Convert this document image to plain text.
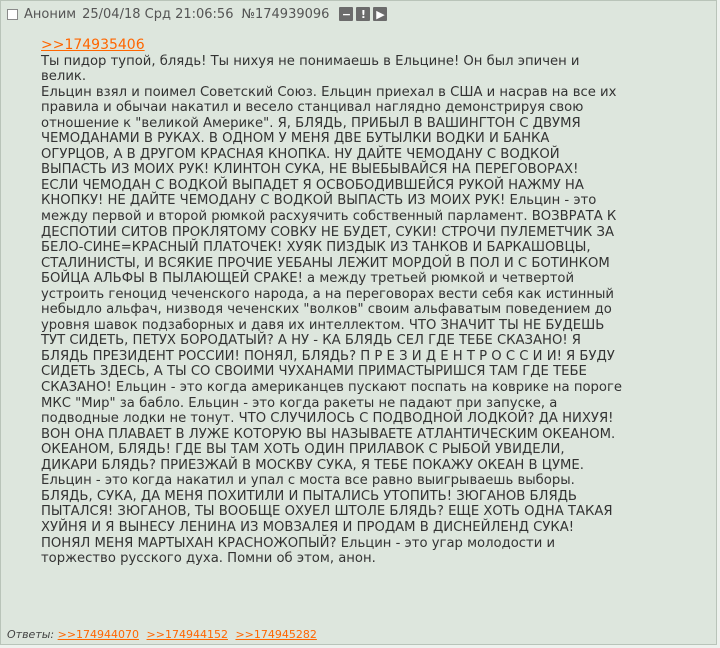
Аноним 25/04/18 Срд 21:06:56 №174939096 − ! ▶
>>174935406
Ты пидор тупой, блядь! Ты нихуя не понимаешь в Ельцине! Он был эпичен и
велик.
Ельцин взял и поимел Советский Союз. Ельцин приехал в США и насрав на все их
правила и обычаи накатил и весело станцивал наглядно демонстрируя свою
отношение к "великой Америке". Я, БЛЯДЬ, ПРИБЫЛ В ВАШИНГТОН С ДВУМЯ
ЧЕМОДАНАМИ В РУКАХ. В ОДНОМ У МЕНЯ ДВЕ БУТЫЛКИ ВОДКИ И БАНКА
ОГУРЦОВ, А В ДРУГОМ КРАСНАЯ КНОПКА. НУ ДАЙТЕ ЧЕМОДАНУ С ВОДКОЙ
ВЫПАСТЬ ИЗ МОИХ РУК! КЛИНТОН СУКА, НЕ ВЫЕБЫВАЙСЯ НА ПЕРЕГОВОРАХ!
ЕСЛИ ЧЕМОДАН С ВОДКОЙ ВЫПАДЕТ Я ОСВОБОДИВШЕЙСЯ РУКОЙ НАЖМУ НА
КНОПКУ! НЕ ДАЙТЕ ЧЕМОДАНУ С ВОДКОЙ ВЫПАСТЬ ИЗ МОИХ РУК! Ельцин - это
между первой и второй рюмкой расхуячить собственный парламент. ВОЗВРАТА К
ДЕСПОТИИ СИТОВ ПРОКЛЯТОМУ СОВКУ НЕ БУДЕТ, СУКИ! СТРОЧИ ПУЛЕМЕТЧИК ЗА
БЕЛО-СИНЕ=КРАСНЫЙ ПЛАТОЧЕК! ХУЯК ПИЗДЫК ИЗ ТАНКОВ И БАРКАШОВЦЫ,
СТАЛИНИСТЫ, И ВСЯКИЕ ПРОЧИЕ УЕБАНЫ ЛЕЖИТ МОРДОЙ В ПОЛ И С БОТИНКОМ
БОЙЦА АЛЬФЫ В ПЫЛАЮЩЕЙ СРАКЕ! а между третьей рюмкой и четвертой
устроить геноцид чеченского народа, а на переговорах вести себя как истинный
небыдло альфач, низводя чеченских "волков" своим альфаватым поведением до
уровня шавок подзаборных и давя их интеллектом. ЧТО ЗНАЧИТ ТЫ НЕ БУДЕШЬ
ТУТ СИДЕТЬ, ПЕТУХ БОРОДАТЫЙ? А НУ - КА БЛЯДЬ СЕЛ ГДЕ ТЕБЕ СКАЗАНО! Я
БЛЯДЬ ПРЕЗИДЕНТ РОССИИ! ПОНЯЛ, БЛЯДЬ? П Р Е З И Д Е Н Т Р О С С И И! Я БУДУ
СИДЕТЬ ЗДЕСЬ, А ТЫ СО СВОИМИ ЧУХАНАМИ ПРИМАСТЫРИШСЯ ТАМ ГДЕ ТЕБЕ
СКАЗАНО! Ельцин - это когда американцев пускают поспать на коврике на пороге
МКС "Мир" за бабло. Ельцин - это когда ракеты не падают при запуске, а
подводные лодки не тонут. ЧТО СЛУЧИЛОСЬ С ПОДВОДНОЙ ЛОДКОЙ? ДА НИХУЯ!
ВОН ОНА ПЛАВАЕТ В ЛУЖЕ КОТОРУЮ ВЫ НАЗЫВАЕТЕ АТЛАНТИЧЕСКИМ ОКЕАНОМ.
ОКЕАНОМ, БЛЯДЬ! ГДЕ ВЫ ТАМ ХОТЬ ОДИН ПРИЛАВОК С РЫБОЙ УВИДЕЛИ,
ДИКАРИ БЛЯДЬ? ПРИЕЗЖАЙ В МОСКВУ СУКА, Я ТЕБЕ ПОКАЖУ ОКЕАН В ЦУМЕ.
Ельцин - это когда накатил и упал с моста все равно выигрываешь выборы.
БЛЯДЬ, СУКА, ДА МЕНЯ ПОХИТИЛИ И ПЫТАЛИСЬ УТОПИТЬ! ЗЮГАНОВ БЛЯДЬ
ПЫТАЛСЯ! ЗЮГАНОВ, ТЫ ВООБЩЕ ОХУЕЛ ШТОЛЕ БЛЯДЬ? ЕЩЕ ХОТЬ ОДНА ТАКАЯ
ХУЙНЯ И Я ВЫНЕСУ ЛЕНИНА ИЗ МОВЗАЛЕЯ И ПРОДАМ В ДИСНЕЙЛЕНД СУКА!
ПОНЯЛ МЕНЯ МАРТЫХАН КРАСНОЖОПЫЙ? Ельцин - это угар молодости и
торжество русского духа. Помни об этом, анон.
Ответы: >>174944070 >>174944152 >>174945282
